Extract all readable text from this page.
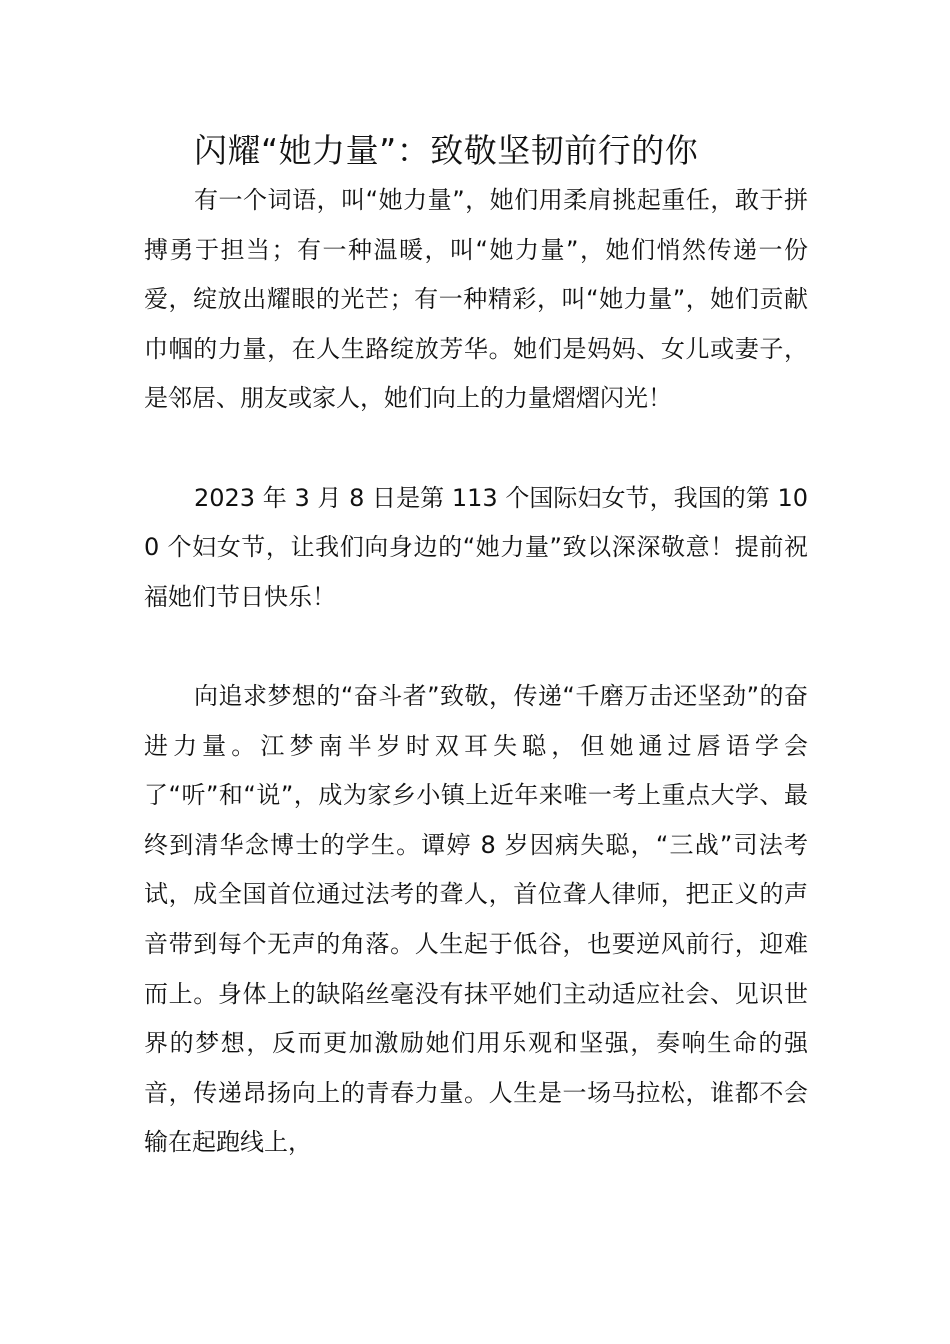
闪耀“她力量”：致敬坚韧前行的你

有一个词语，叫“她力量”，她们用柔肩挑起重任，敢于拼搏勇于担当；有一种温暖，叫“她力量”，她们悄然传递一份爱，绽放出耀眼的光芒；有一种精彩，叫“她力量”，她们贡献巾帼的力量，在人生路绽放芳华。她们是妈妈、女儿或妻子，是邻居、朋友或家人，她们向上的力量熠熠闪光！

2023 年 3 月 8 日是第 113 个国际妇女节，我国的第 100 个妇女节，让我们向身边的“她力量”致以深深敬意！提前祝福她们节日快乐！

向追求梦想的“奋斗者”致敬，传递“千磨万击还坚劲”的奋进力量。江梦南半岁时双耳失聪，但她通过唇语学会了“听”和“说”，成为家乡小镇上近年来唯一考上重点大学、最终到清华念博士的学生。谭婷 8 岁因病失聪，“三战”司法考试，成全国首位通过法考的聋人，首位聋人律师，把正义的声音带到每个无声的角落。人生起于低谷，也要逆风前行，迎难而上。身体上的缺陷丝毫没有抹平她们主动适应社会、见识世界的梦想，反而更加激励她们用乐观和坚强，奏响生命的强音，传递昂扬向上的青春力量。人生是一场马拉松，谁都不会输在起跑线上，
